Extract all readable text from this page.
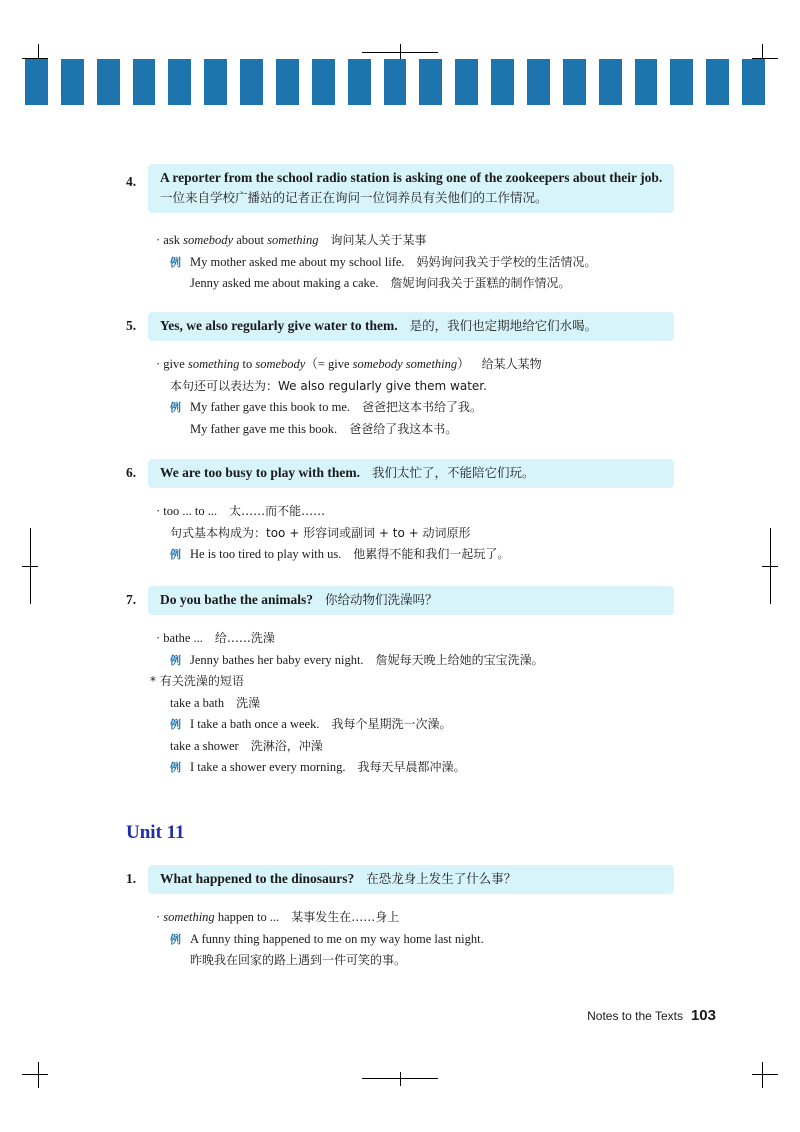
4.	A reporter from the school radio station is asking one of the zookeepers about their job.
一位来自学校广播站的记者正在询问一位饲养员有关他们的工作情况。
· ask somebody about something 询问某人关于某事
例 My mother asked me about my school life. 妈妈询问我关于学校的生活情况。
Jenny asked me about making a cake. 詹妮询问我关于蛋糕的制作情况。
5.	Yes, we also regularly give water to them. 是的，我们也定期地给它们水喝。
· give something to somebody（= give somebody something） 给某人某物
本句还可以表达为：We also regularly give them water.
例 My father gave this book to me. 爸爸把这本书给了我。
My father gave me this book. 爸爸给了我这本书。
6.	We are too busy to play with them. 我们太忙了，不能陪它们玩。
· too ... to ... 太……而不能……
句式基本构成为：too + 形容词或副词 + to + 动词原形
例 He is too tired to play with us. 他累得不能和我们一起玩了。
7.	Do you bathe the animals? 你给动物们洗澡吗？
· bathe ... 给……洗澡
例 Jenny bathes her baby every night. 詹妮每天晚上给她的宝宝洗澡。
* 有关洗澡的短语
take a bath 洗澡
例 I take a bath once a week. 我每个星期洗一次澡。
take a shower 洗淋浴，冲澡
例 I take a shower every morning. 我每天早晨都冲澡。
Unit 11
1.	What happened to the dinosaurs? 在恐龙身上发生了什么事？
· something happen to ... 某事发生在……身上
例 A funny thing happened to me on my way home last night.
昨晚我在回家的路上遇到一件可笑的事。
Notes to the Texts 103
